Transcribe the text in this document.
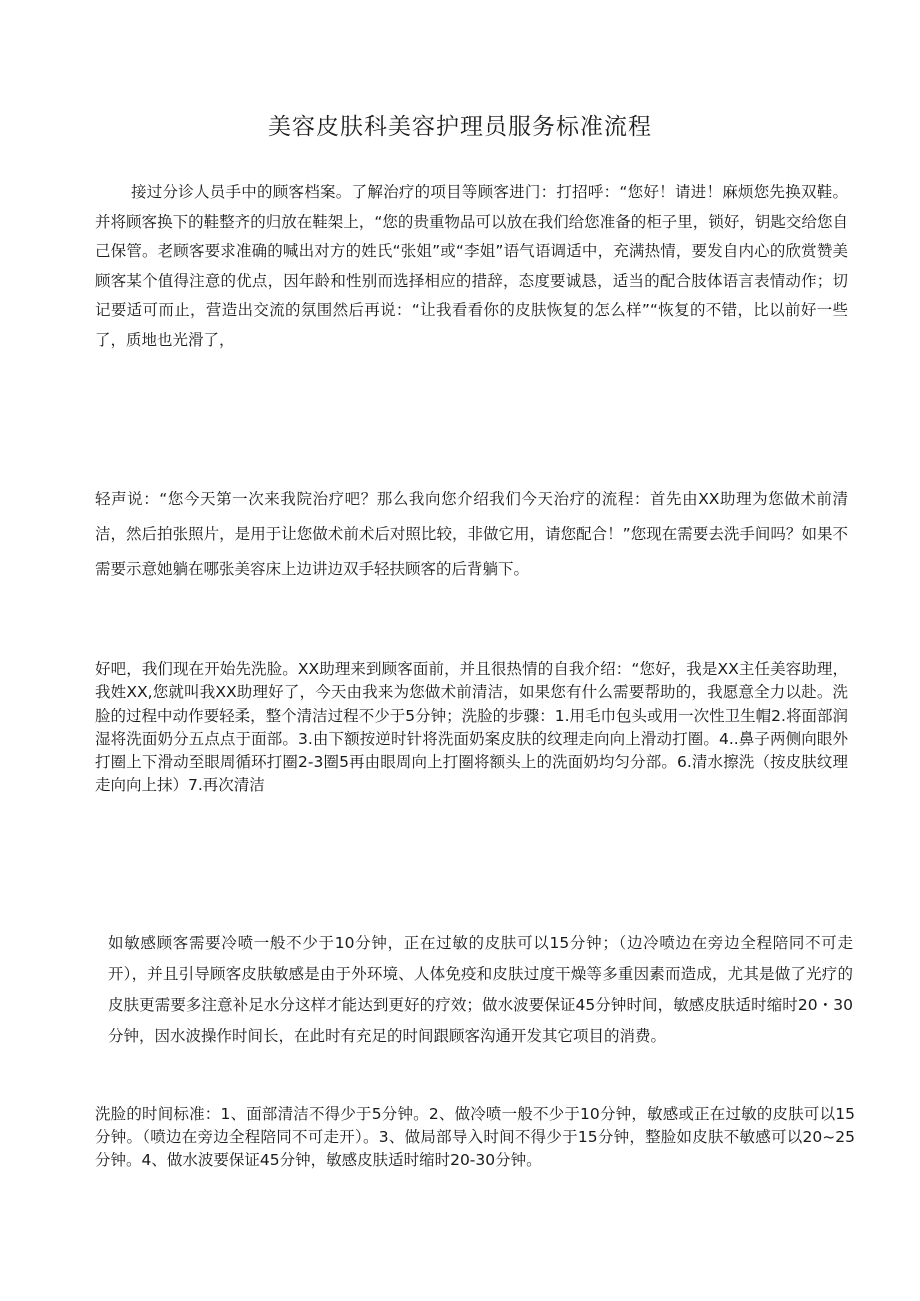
美容皮肤科美容护理员服务标准流程

接过分诊人员手中的顾客档案。了解治疗的项目等顾客进门：打招呼：“您好！请进！麻烦您先换双鞋。并将顾客换下的鞋整齐的归放在鞋架上，“您的贵重物品可以放在我们给您准备的柜子里，锁好，钥匙交给您自己保管。老顾客要求准确的喊出对方的姓氏“张姐”或“李姐”语气语调适中，充满热情，要发自内心的欣赏赞美顾客某个值得注意的优点，因年龄和性别而选择相应的措辞，态度要诚恳，适当的配合肢体语言表情动作；切记要适可而止，营造出交流的氛围然后再说：“让我看看你的皮肤恢复的怎么样”“恢复的不错，比以前好一些了，质地也光滑了，

轻声说：“您今天第一次来我院治疗吧？那么我向您介绍我们今天治疗的流程：首先由XX助理为您做术前清洁，然后拍张照片，是用于让您做术前术后对照比较，非做它用，请您配合！”您现在需要去洗手间吗？如果不需要示意她躺在哪张美容床上边讲边双手轻扶顾客的后背躺下。

好吧，我们现在开始先洗脸。XX助理来到顾客面前，并且很热情的自我介绍：“您好，我是XX主任美容助理，我姓XX,您就叫我XX助理好了，今天由我来为您做术前清洁，如果您有什么需要帮助的，我愿意全力以赴。洗脸的过程中动作要轻柔，整个清洁过程不少于5分钟；洗脸的步骤：1.用毛巾包头或用一次性卫生帽2.将面部润湿将洗面奶分五点点于面部。3.由下额按逆时针将洗面奶案皮肤的纹理走向向上滑动打圈。4..鼻子两侧向眼外打圈上下滑动至眼周循环打圈2-3圈5再由眼周向上打圈将额头上的洗面奶均匀分部。6.清水擦洗（按皮肤纹理走向向上抹）7.再次清洁

如敏感顾客需要冷喷一般不少于10分钟，正在过敏的皮肤可以15分钟；（边冷喷边在旁边全程陪同不可走开），并且引导顾客皮肤敏感是由于外环境、人体免疫和皮肤过度干燥等多重因素而造成，尤其是做了光疗的皮肤更需要多注意补足水分这样才能达到更好的疗效；做水波要保证45分钟时间，敏感皮肤适时缩时20・30分钟，因水波操作时间长，在此时有充足的时间跟顾客沟通开发其它项目的消费。

洗脸的时间标准：1、面部清洁不得少于5分钟。2、做冷喷一般不少于10分钟，敏感或正在过敏的皮肤可以15分钟。（喷边在旁边全程陪同不可走开）。3、做局部导入时间不得少于15分钟，整脸如皮肤不敏感可以20~25分钟。4、做水波要保证45分钟，敏感皮肤适时缩时20-30分钟。
